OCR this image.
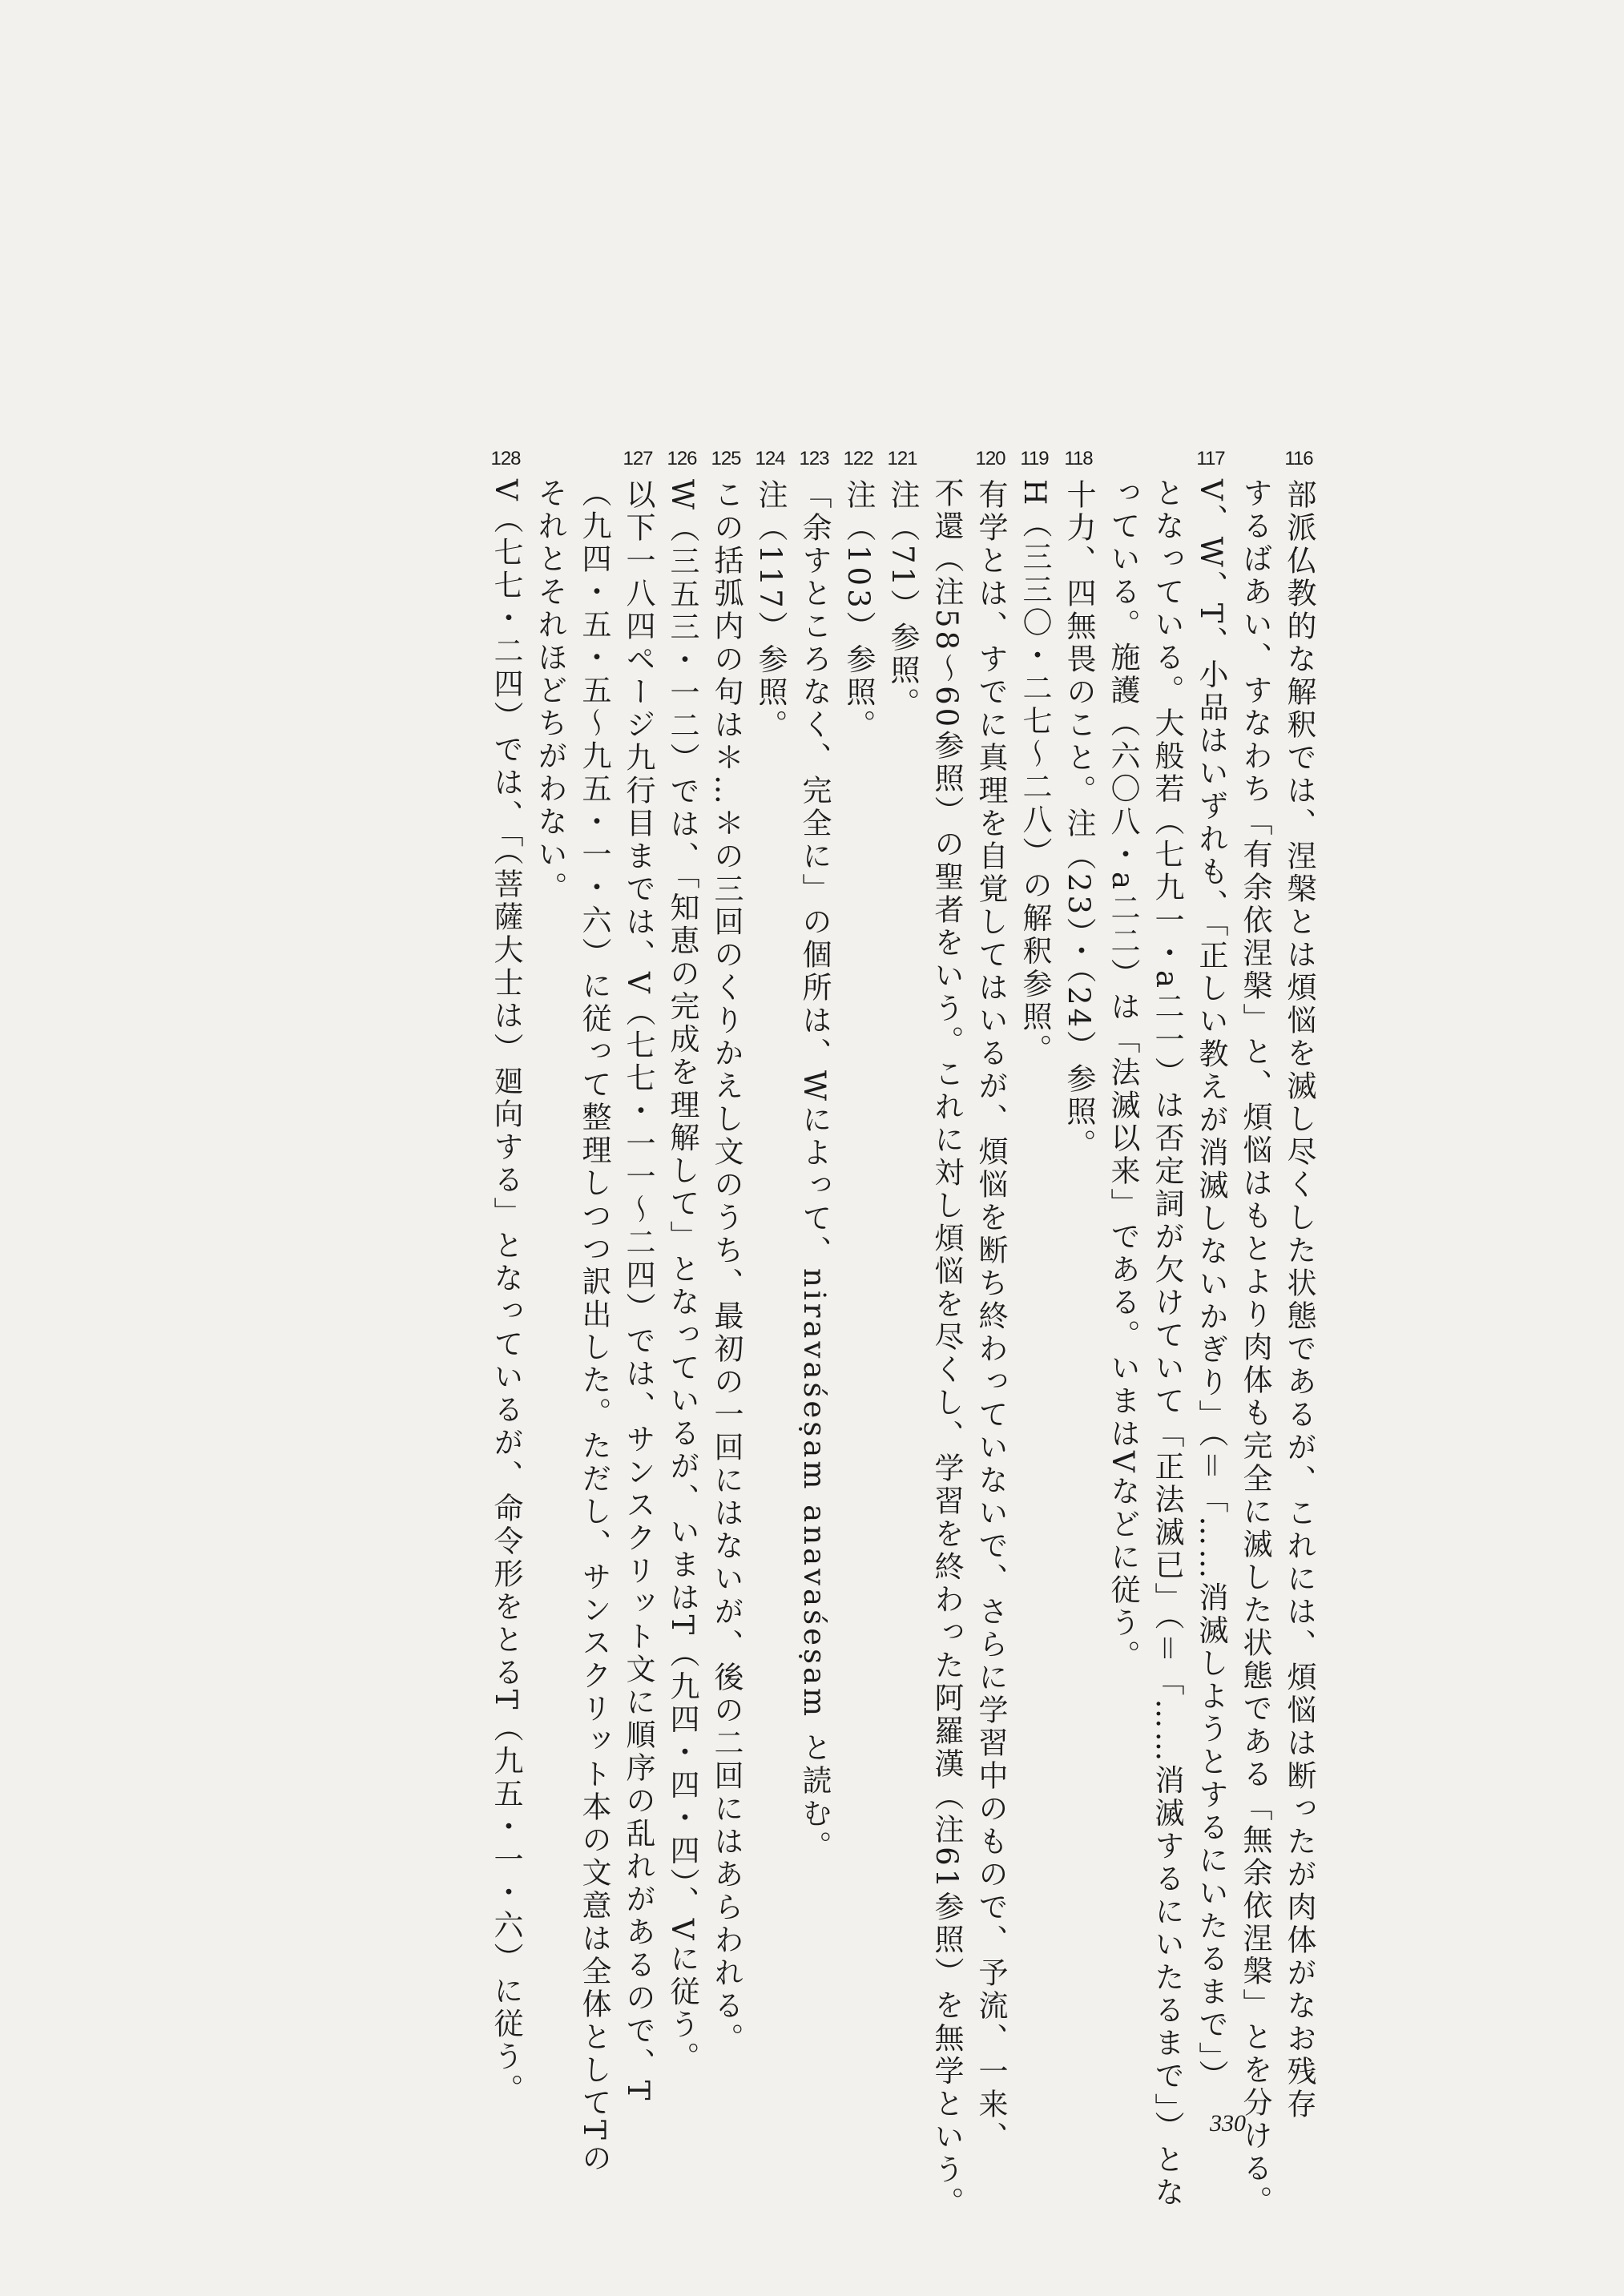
116部派仏教的な解釈では、涅槃とは煩悩を滅し尽くした状態であるが、これには、煩悩は断ったが肉体がなお残存
するばあい、すなわち「有余依涅槃」と、煩悩はもとより肉体も完全に滅した状態である「無余依涅槃」とを分ける。
117V、W、T、小品はいずれも、「正しい教えが消滅しないかぎり」（＝「……消滅しようとするにいたるまで」）
となっている。大般若（七九一・a二一）は否定詞が欠けていて「正法滅已」（＝「……消滅するにいたるまで」）とな
っている。施護（六〇八・a二二）は「法滅以来」である。いまはVなどに従う。
118十力、四無畏のこと。注（23）・（24）参照。
119H（三三〇・二七〜二八）の解釈参照。
120有学とは、すでに真理を自覚してはいるが、煩悩を断ち終わっていないで、さらに学習中のもので、予流、一来、
不還（注58〜60参照）の聖者をいう。これに対し煩悩を尽くし、学習を終わった阿羅漢（注61参照）を無学という。
121注（71）参照。
122注（103）参照。
123「余すところなく、完全に」の個所は、Wによって、niravaśeṣam anavaśeṣam と読む。
124注（117）参照。
125この括弧内の句は＊…＊の三回のくりかえし文のうち、最初の一回にはないが、後の二回にはあらわれる。
126W（三五三・一二）では、「知恵の完成を理解して」となっているが、いまはT（九四・四・四）、Vに従う。
127以下一八四ページ九行目までは、V（七七・一一〜二四）では、サンスクリット文に順序の乱れがあるので、T
（九四・五・五〜九五・一・六）に従って整理しつつ訳出した。ただし、サンスクリット本の文意は全体としてTの
それとそれほどちがわない。
128V（七七・二四）では、「（菩薩大士は）廻向する」となっているが、命令形をとるT（九五・一・六）に従う。
330
